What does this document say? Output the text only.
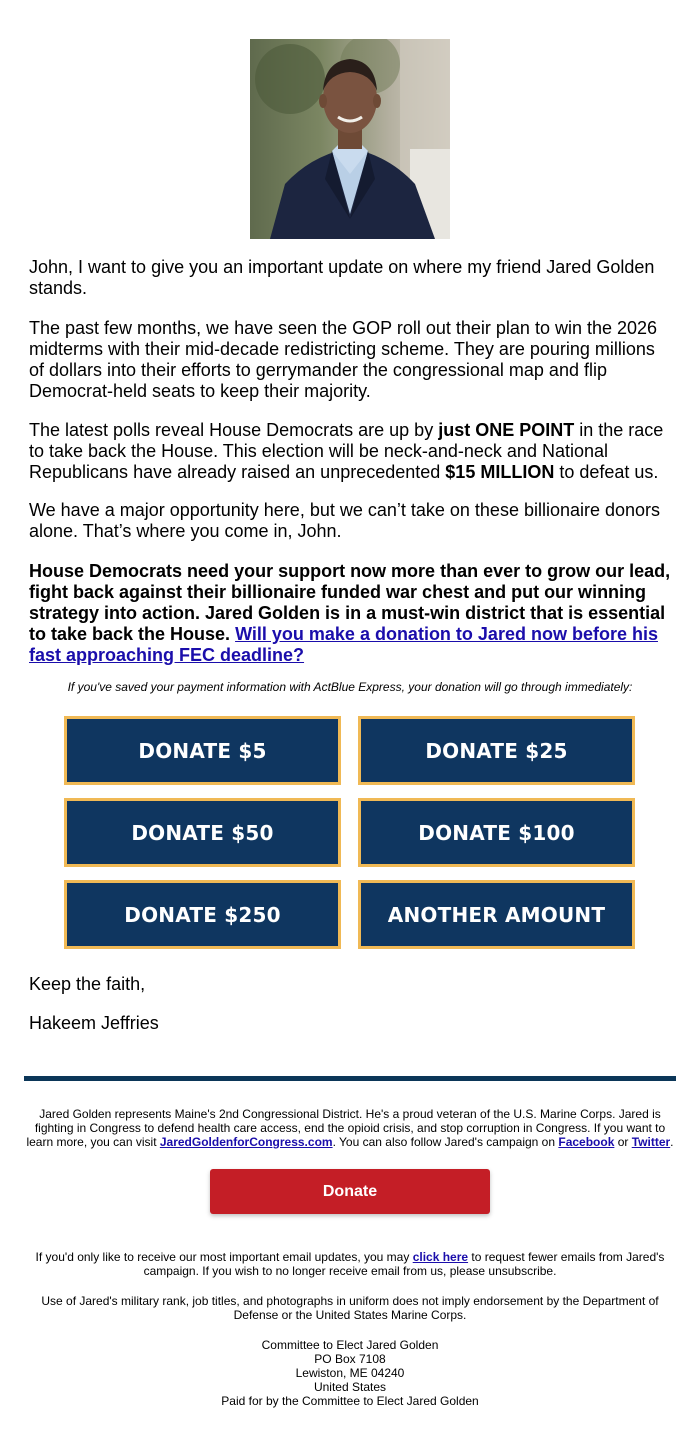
John, I want to give you an important update on where my friend Jared Golden stands.

The past few months, we have seen the GOP roll out their plan to win the 2026 midterms with their mid-decade redistricting scheme. They are pouring millions of dollars into their efforts to gerrymander the congressional map and flip Democrat-held seats to keep their majority.

The latest polls reveal House Democrats are up by just ONE POINT in the race to take back the House. This election will be neck-and-neck and National Republicans have already raised an unprecedented $15 MILLION to defeat us.

We have a major opportunity here, but we can’t take on these billionaire donors alone. That’s where you come in, John.

House Democrats need your support now more than ever to grow our lead, fight back against their billionaire funded war chest and put our winning strategy into action. Jared Golden is in a must-win district that is essential to take back the House. Will you make a donation to Jared now before his fast approaching FEC deadline?

If you've saved your payment information with ActBlue Express, your donation will go through immediately:
DONATE $5	DONATE $25
DONATE $50	DONATE $100
DONATE $250	ANOTHER AMOUNT

Keep the faith,

Hakeem Jeffries

Jared Golden represents Maine's 2nd Congressional District. He's a proud veteran of the U.S. Marine Corps. Jared is fighting in Congress to defend health care access, end the opioid crisis, and stop corruption in Congress. If you want to learn more, you can visit JaredGoldenforCongress.com. You can also follow Jared's campaign on Facebook or Twitter.
Donate
If you'd only like to receive our most important email updates, you may click here to request fewer emails from Jared's campaign. If you wish to no longer receive email from us, please unsubscribe.
Use of Jared's military rank, job titles, and photographs in uniform does not imply endorsement by the Department of Defense or the United States Marine Corps.
Committee to Elect Jared Golden
PO Box 7108
Lewiston, ME 04240
United States
Paid for by the Committee to Elect Jared Golden
